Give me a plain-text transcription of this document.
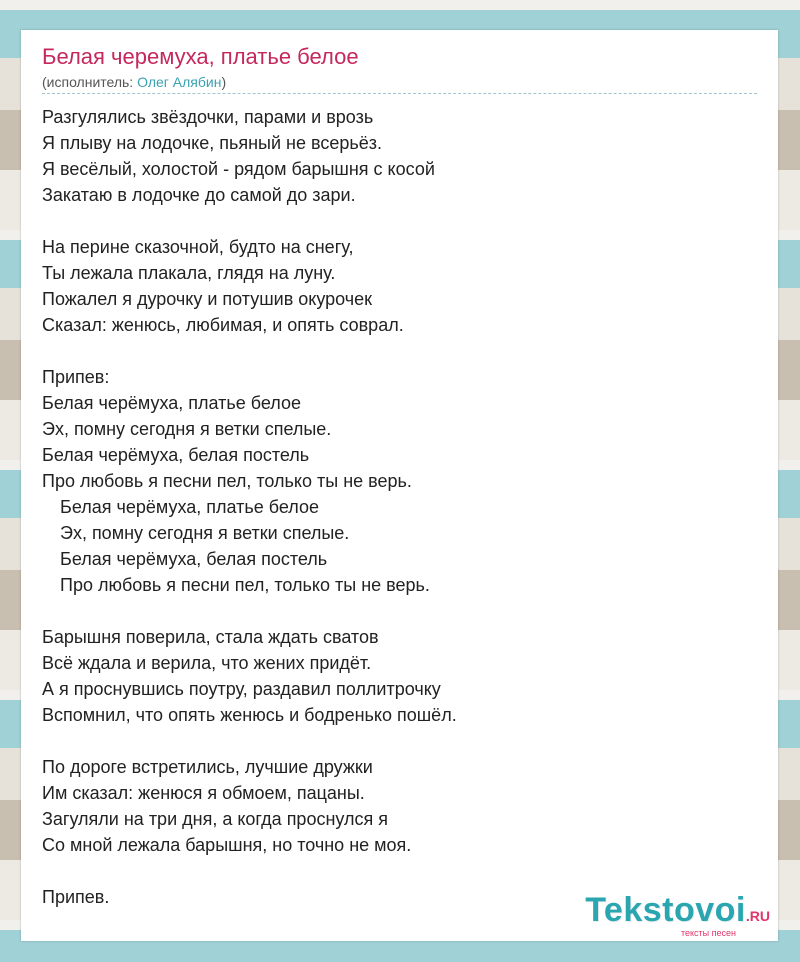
Белая черемуха, платье белое
(исполнитель: Олег Алябин)
Разгулялись звёздочки, парами и врозь
Я плыву на лодочке, пьяный не всерьёз.
Я весёлый, холостой - рядом барышня с косой
Закатаю в лодочке до самой до зари.
На перине сказочной, будто на снегу,
Ты лежала плакала, глядя на луну.
Пожалел я дурочку и потушив окурочек
Сказал: женюсь, любимая, и опять соврал.
Припев:
Белая черёмуха, платье белое
Эх, помну сегодня я ветки спелые.
Белая черёмуха, белая постель
Про любовь я песни пел, только ты не верь.
Белая черёмуха, платье белое
Эх, помну сегодня я ветки спелые.
Белая черёмуха, белая постель
Про любовь я песни пел, только ты не верь.
Барышня поверила, стала ждать сватов
Всё ждала и верила, что жених придёт.
А я проснувшись поутру, раздавил поллитрочку
Вспомнил, что опять женюсь и бодренько пошёл.
По дороге встретились, лучшие дружки
Им сказал: женюся я обмоем, пацаны.
Загуляли на три дня, а когда проснулся я
Со мной лежала барышня, но точно не моя.
Припев.	Tekstovoi.RU
тексты песен
